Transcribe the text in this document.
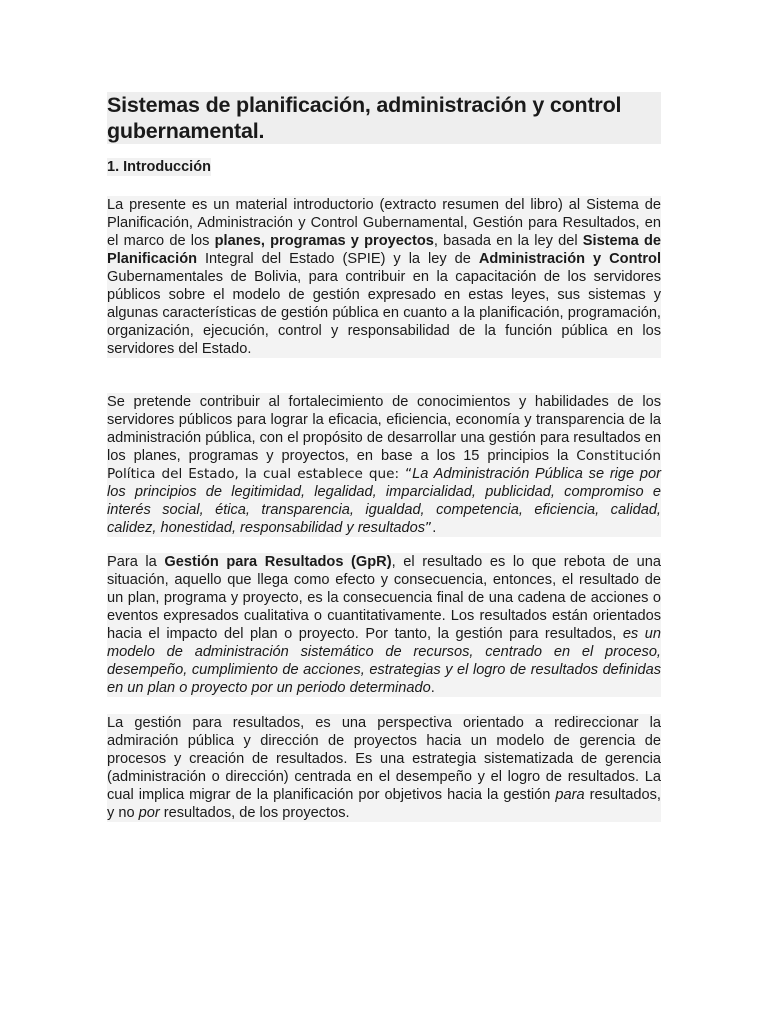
Sistemas de planificación, administración y control gubernamental.
1. Introducción

La presente es un material introductorio (extracto resumen del libro) al Sistema de Planificación, Administración y Control Gubernamental, Gestión para Resultados, en el marco de los planes, programas y proyectos, basada en la ley del Sistema de Planificación Integral del Estado (SPIE) y la ley de Administración y Control Gubernamentales de Bolivia, para contribuir en la capacitación de los servidores públicos sobre el modelo de gestión expresado en estas leyes, sus sistemas y algunas características de gestión pública en cuanto a la planificación, programación, organización, ejecución, control y responsabilidad de la función pública en los servidores del Estado.

Se pretende contribuir al fortalecimiento de conocimientos y habilidades de los servidores públicos para lograr la eficacia, eficiencia, economía y transparencia de la administración pública, con el propósito de desarrollar una gestión para resultados en los planes, programas y proyectos, en base a los 15 principios la Constitución Política del Estado, la cual establece que: “La Administración Pública se rige por los principios de legitimidad, legalidad, imparcialidad, publicidad, compromiso e interés social, ética, transparencia, igualdad, competencia, eficiencia, calidad, calidez, honestidad, responsabilidad y resultados”.

Para la Gestión para Resultados (GpR), el resultado es lo que rebota de una situación, aquello que llega como efecto y consecuencia, entonces, el resultado de un plan, programa y proyecto, es la consecuencia final de una cadena de acciones o eventos expresados cualitativa o cuantitativamente. Los resultados están orientados hacia el impacto del plan o proyecto. Por tanto, la gestión para resultados, es un modelo de administración sistemático de recursos, centrado en el proceso, desempeño, cumplimiento de acciones, estrategias y el logro de resultados definidas en un plan o proyecto por un periodo determinado.

La gestión para resultados, es una perspectiva orientado a redireccionar la admiración pública y dirección de proyectos hacia un modelo de gerencia de procesos y creación de resultados. Es una estrategia sistematizada de gerencia (administración o dirección) centrada en el desempeño y el logro de resultados. La cual implica migrar de la planificación por objetivos hacia la gestión para resultados, y no por resultados, de los proyectos.
